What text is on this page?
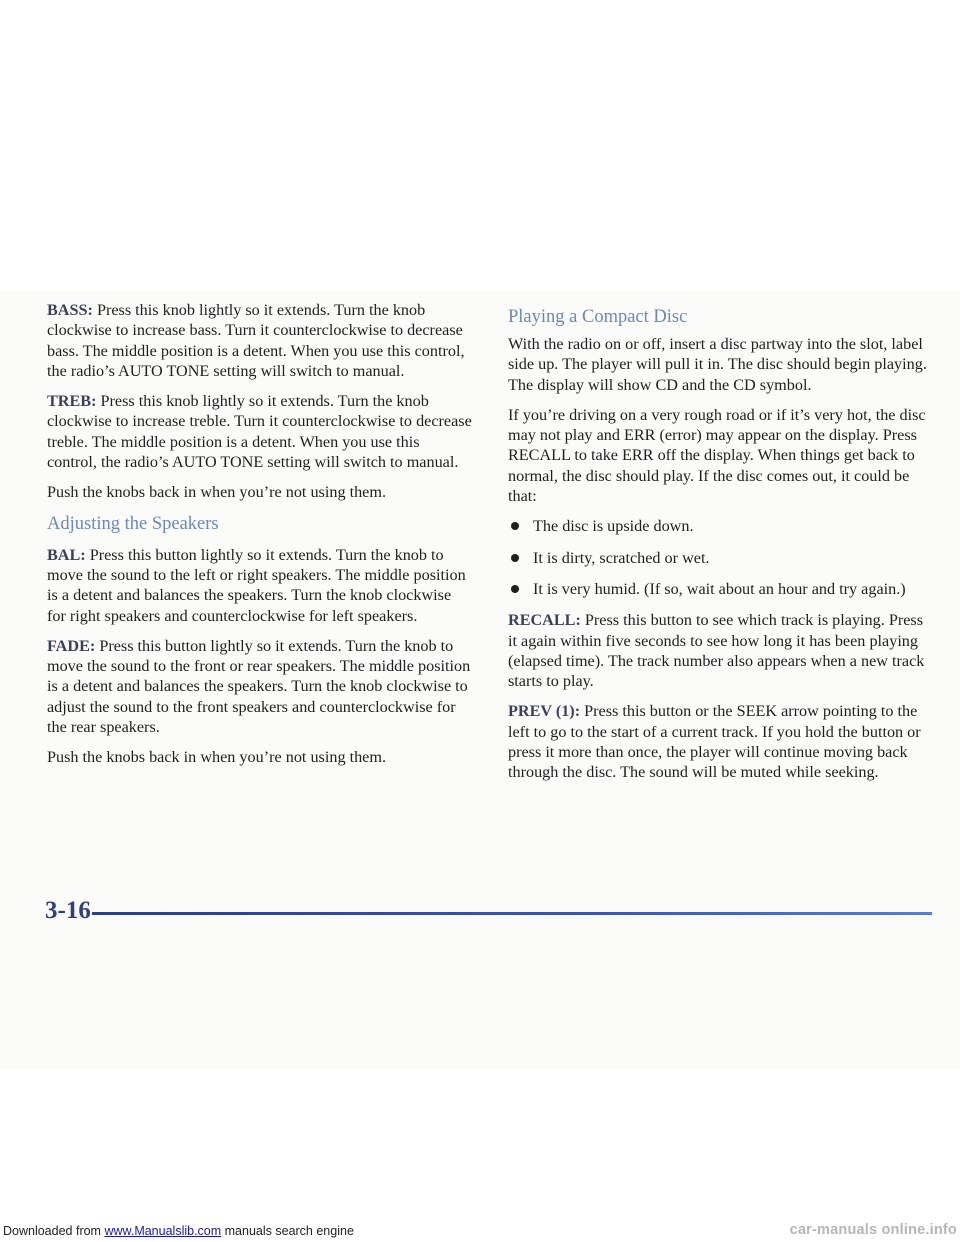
BASS: Press this knob lightly so it extends. Turn the knob clockwise to increase bass. Turn it counterclockwise to decrease bass. The middle position is a detent. When you use this control, the radio’s AUTO TONE setting will switch to manual.

TREB: Press this knob lightly so it extends. Turn the knob clockwise to increase treble. Turn it counterclockwise to decrease treble. The middle position is a detent. When you use this control, the radio’s AUTO TONE setting will switch to manual.

Push the knobs back in when you’re not using them.

Adjusting the Speakers

BAL: Press this button lightly so it extends. Turn the knob to move the sound to the left or right speakers. The middle position is a detent and balances the speakers. Turn the knob clockwise for right speakers and counterclockwise for left speakers.

FADE: Press this button lightly so it extends. Turn the knob to move the sound to the front or rear speakers. The middle position is a detent and balances the speakers. Turn the knob clockwise to adjust the sound to the front speakers and counterclockwise for the rear speakers.

Push the knobs back in when you’re not using them.

Playing a Compact Disc

With the radio on or off, insert a disc partway into the slot, label side up. The player will pull it in. The disc should begin playing. The display will show CD and the CD symbol.

If you’re driving on a very rough road or if it’s very hot, the disc may not play and ERR (error) may appear on the display. Press RECALL to take ERR off the display. When things get back to normal, the disc should play. If the disc comes out, it could be that:

The disc is upside down.
It is dirty, scratched or wet.
It is very humid. (If so, wait about an hour and try again.)

RECALL: Press this button to see which track is playing. Press it again within five seconds to see how long it has been playing (elapsed time). The track number also appears when a new track starts to play.

PREV (1): Press this button or the SEEK arrow pointing to the left to go to the start of a current track. If you hold the button or press it more than once, the player will continue moving back through the disc. The sound will be muted while seeking.

3-16
Downloaded from www.Manualslib.com manuals search engine	car-manuals online.info
